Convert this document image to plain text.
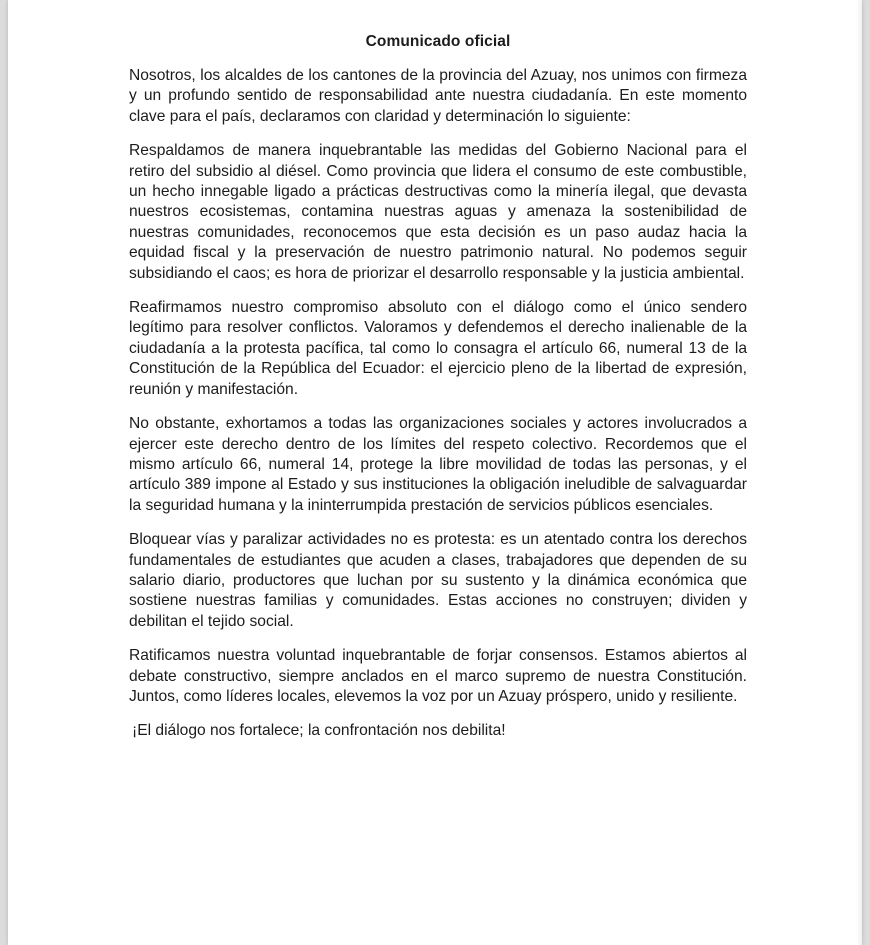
Comunicado oficial

Nosotros, los alcaldes de los cantones de la provincia del Azuay, nos unimos con firmeza y un profundo sentido de responsabilidad ante nuestra ciudadanía. En este momento clave para el país, declaramos con claridad y determinación lo siguiente:

Respaldamos de manera inquebrantable las medidas del Gobierno Nacional para el retiro del subsidio al diésel. Como provincia que lidera el consumo de este combustible, un hecho innegable ligado a prácticas destructivas como la minería ilegal, que devasta nuestros ecosistemas, contamina nuestras aguas y amenaza la sostenibilidad de nuestras comunidades, reconocemos que esta decisión es un paso audaz hacia la equidad fiscal y la preservación de nuestro patrimonio natural. No podemos seguir subsidiando el caos; es hora de priorizar el desarrollo responsable y la justicia ambiental.

Reafirmamos nuestro compromiso absoluto con el diálogo como el único sendero legítimo para resolver conflictos. Valoramos y defendemos el derecho inalienable de la ciudadanía a la protesta pacífica, tal como lo consagra el artículo 66, numeral 13 de la Constitución de la República del Ecuador: el ejercicio pleno de la libertad de expresión, reunión y manifestación.

No obstante, exhortamos a todas las organizaciones sociales y actores involucrados a ejercer este derecho dentro de los límites del respeto colectivo. Recordemos que el mismo artículo 66, numeral 14, protege la libre movilidad de todas las personas, y el artículo 389 impone al Estado y sus instituciones la obligación ineludible de salvaguardar la seguridad humana y la ininterrumpida prestación de servicios públicos esenciales.

Bloquear vías y paralizar actividades no es protesta: es un atentado contra los derechos fundamentales de estudiantes que acuden a clases, trabajadores que dependen de su salario diario, productores que luchan por su sustento y la dinámica económica que sostiene nuestras familias y comunidades. Estas acciones no construyen; dividen y debilitan el tejido social.

Ratificamos nuestra voluntad inquebrantable de forjar consensos. Estamos abiertos al debate constructivo, siempre anclados en el marco supremo de nuestra Constitución. Juntos, como líderes locales, elevemos la voz por un Azuay próspero, unido y resiliente.

¡El diálogo nos fortalece; la confrontación nos debilita!
